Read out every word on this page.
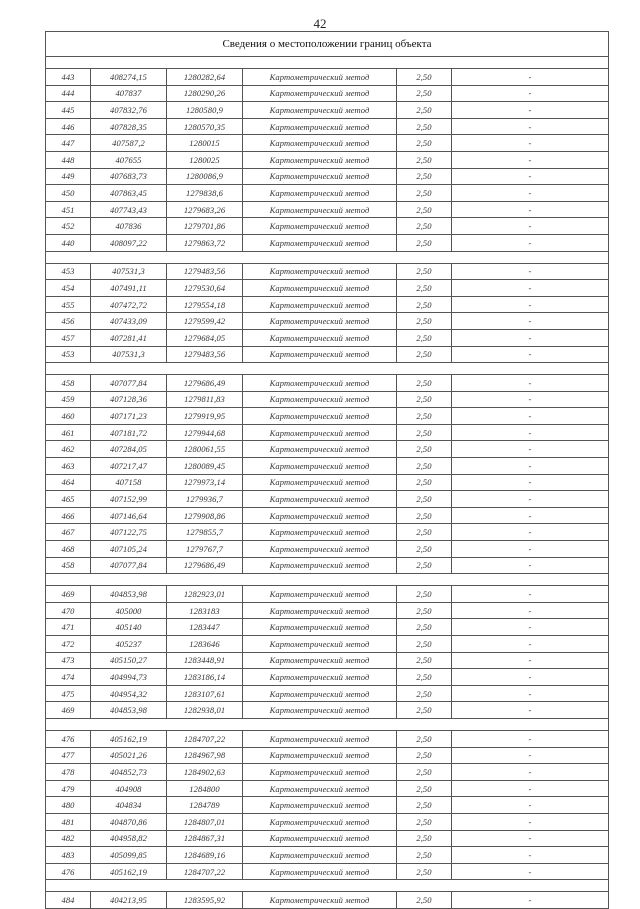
42
Сведения о местоположении границ объекта					

443	408274,15	1280282,64	Картометрический метод	2,50	-
444	407837	1280290,26	Картометрический метод	2,50	-
445	407832,76	1280580,9	Картометрический метод	2,50	-
446	407828,35	1280570,35	Картометрический метод	2,50	-
447	407587,2	1280015	Картометрический метод	2,50	-
448	407655	1280025	Картометрический метод	2,50	-
449	407683,73	1280086,9	Картометрический метод	2,50	-
450	407863,45	1279838,6	Картометрический метод	2,50	-
451	407743,43	1279683,26	Картометрический метод	2,50	-
452	407836	1279701,86	Картометрический метод	2,50	-
440	408097,22	1279863,72	Картометрический метод	2,50	-

453	407531,3	1279483,56	Картометрический метод	2,50	-
454	407491,11	1279530,64	Картометрический метод	2,50	-
455	407472,72	1279554,18	Картометрический метод	2,50	-
456	407433,09	1279599,42	Картометрический метод	2,50	-
457	407281,41	1279684,05	Картометрический метод	2,50	-
453	407531,3	1279483,56	Картометрический метод	2,50	-

458	407077,84	1279686,49	Картометрический метод	2,50	-
459	407128,36	1279811,83	Картометрический метод	2,50	-
460	407171,23	1279919,95	Картометрический метод	2,50	-
461	407181,72	1279944,68	Картометрический метод	2,50	-
462	407284,05	1280061,55	Картометрический метод	2,50	-
463	407217,47	1280089,45	Картометрический метод	2,50	-
464	407158	1279973,14	Картометрический метод	2,50	-
465	407152,99	1279936,7	Картометрический метод	2,50	-
466	407146,64	1279908,86	Картометрический метод	2,50	-
467	407122,75	1279855,7	Картометрический метод	2,50	-
468	407105,24	1279767,7	Картометрический метод	2,50	-
458	407077,84	1279686,49	Картометрический метод	2,50	-

469	404853,98	1282923,01	Картометрический метод	2,50	-
470	405000	1283183	Картометрический метод	2,50	-
471	405140	1283447	Картометрический метод	2,50	-
472	405237	1283646	Картометрический метод	2,50	-
473	405150,27	1283448,91	Картометрический метод	2,50	-
474	404994,73	1283186,14	Картометрический метод	2,50	-
475	404954,32	1283107,61	Картометрический метод	2,50	-
469	404853,98	1282938,01	Картометрический метод	2,50	-

476	405162,19	1284707,22	Картометрический метод	2,50	-
477	405021,26	1284967,98	Картометрический метод	2,50	-
478	404852,73	1284902,63	Картометрический метод	2,50	-
479	404908	1284800	Картометрический метод	2,50	-
480	404834	1284789	Картометрический метод	2,50	-
481	404870,86	1284807,01	Картометрический метод	2,50	-
482	404958,82	1284867,31	Картометрический метод	2,50	-
483	405099,85	1284689,16	Картометрический метод	2,50	-
476	405162,19	1284707,22	Картометрический метод	2,50	-

484	404213,95	1283595,92	Картометрический метод	2,50	-
